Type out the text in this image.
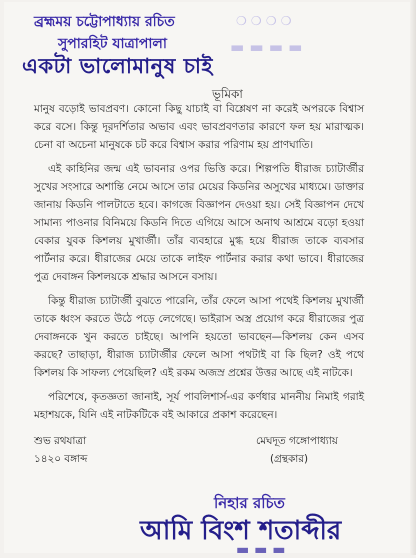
ব্রহ্মময় চট্টোপাধ্যায় রচিত	❍ ❍ ❍ ❍
সুপারহিট যাত্রাপালা	▬ ▬ ▬ ▬
একটা ভালোমানুষ চাই
ভূমিকা

মানুষ বড়োই ভাবপ্রবণ। কোনো কিছু যাচাই বা বিশ্লেষণ না করেই অপরকে বিশ্বাস করে বসে। কিন্তু দূরদর্শিতার অভাব এবং ভাবপ্রবণতার কারণে ফল হয় মারাত্মক। চেনা বা অচেনা মানুষকে চট করে বিশ্বাস করার পরিণাম হয় প্রাণঘাতি।

এই কাহিনির জন্ম এই ভাবনার ওপর ভিত্তি করে। শিল্পপতি ধীরাজ চ্যাটার্জীর সুখের সংসারে অশান্তি নেমে আসে তার মেয়ের কিডনির অসুখের মাধ্যমে। ডাক্তার জানায় কিডনি পালটাতে হবে। কাগজে বিজ্ঞাপন দেওয়া হয়। সেই বিজ্ঞাপন দেখে সামান্য পাওনার বিনিময়ে কিডনি দিতে এগিয়ে আসে অনাথ আশ্রমে বড়ো হওয়া বেকার যুবক কিশলয় মুখার্জী। তাঁর ব্যবহারে মুগ্ধ হয়ে ধীরাজ তাকে ব্যবসার পার্টনার করে। ধীরাজের মেয়ে তাকে লাইফ পার্টনার করার কথা ভাবে। ধীরাজের পুত্র দেবাঙ্গন কিশলয়কে শ্রদ্ধার আসনে বসায়।

কিন্তু ধীরাজ চ্যাটার্জী বুঝতে পারেনি, তাঁর ফেলে আসা পথেই কিশলয় মুখার্জী তাকে ধ্বংস করতে উঠে পড়ে লেগেছে। ভাইরাস অস্ত্র প্রয়োগ করে ধীরাজের পুত্র দেবাঙ্গনকে খুন করতে চাইছে। আপনি হয়তো ভাবছেন—কিশলয় কেন এসব করছে? তাছাড়া, ধীরাজ চ্যাটার্জীর ফেলে আসা পথটাই বা কি ছিল? ওই পথে কিশলয় কি সাফল্য পেয়েছিল? এই রকম অজস্র প্রশ্নের উত্তর আছে এই নাটকে।

পরিশেষে, কৃতজ্ঞতা জানাই, সূর্য পাবলিশার্স-এর কর্ণধার মাননীয় নিমাই গরাই মহাশয়কে, যিনি এই নাটকটিকে বই আকারে প্রকাশ করেছেন।

শুভ রথযাত্রা
১৪২০ বঙ্গাব্দ
মেঘদূত গঙ্গোপাধ্যায়
(গ্রন্থকার)
নিহার রচিত
আমি বিংশ শতাব্দীর
▬ ▬ ▬
